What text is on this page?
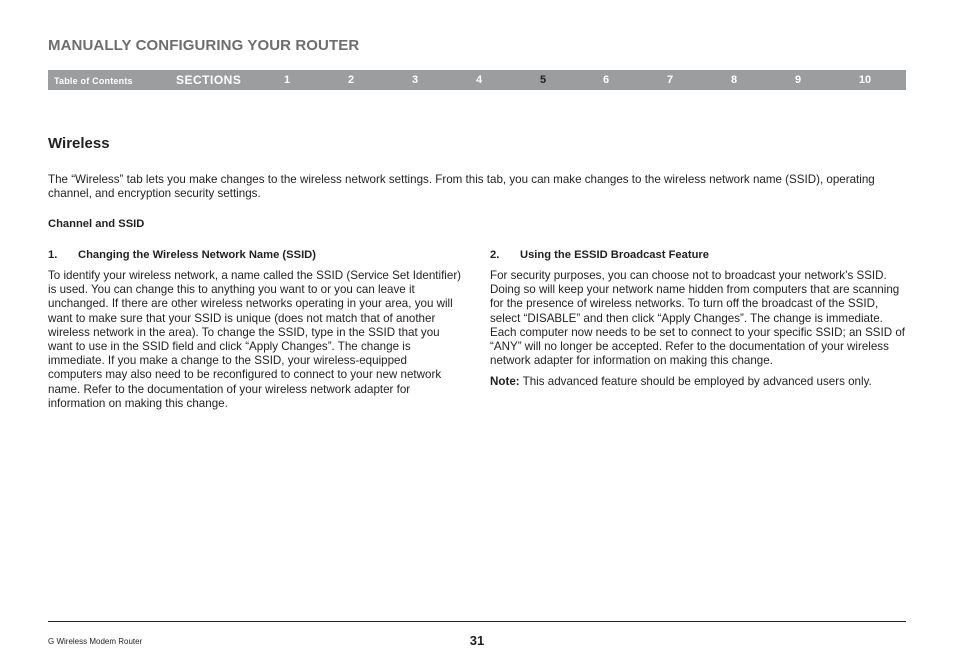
MANUALLY CONFIGURING YOUR ROUTER
Table of Contents	SECTIONS	1	2	3	4	5	6	7	8	9	10
Wireless

The “Wireless” tab lets you make changes to the wireless network settings. From this tab, you can make changes to the wireless network name (SSID), operating channel, and encryption security settings.

Channel and SSID
1. Changing the Wireless Network Name (SSID)

To identify your wireless network, a name called the SSID (Service Set Identifier) is used. You can change this to anything you want to or you can leave it unchanged. If there are other wireless networks operating in your area, you will want to make sure that your SSID is unique (does not match that of another wireless network in the area). To change the SSID, type in the SSID that you want to use in the SSID field and click “Apply Changes”. The change is immediate. If you make a change to the SSID, your wireless-equipped computers may also need to be reconfigured to connect to your new network name. Refer to the documentation of your wireless network adapter for information on making this change.

2. Using the ESSID Broadcast Feature

For security purposes, you can choose not to broadcast your network’s SSID. Doing so will keep your network name hidden from computers that are scanning for the presence of wireless networks. To turn off the broadcast of the SSID, select “DISABLE” and then click “Apply Changes”. The change is immediate. Each computer now needs to be set to connect to your specific SSID; an SSID of “ANY” will no longer be accepted. Refer to the documentation of your wireless network adapter for information on making this change.

Note: This advanced feature should be employed by advanced users only.

G Wireless Modem Router	31
